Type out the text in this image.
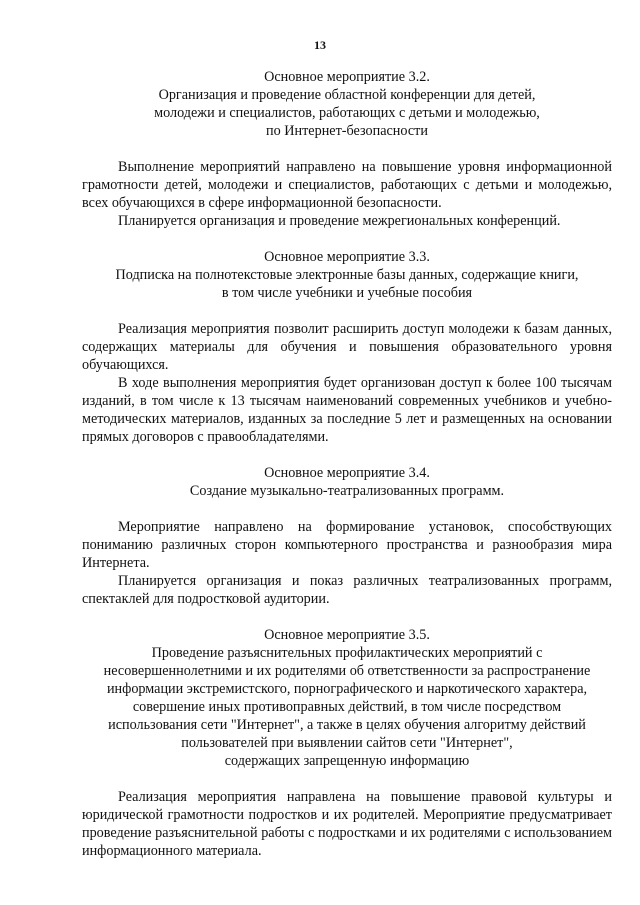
13
Основное мероприятие 3.2.
Организация и проведение областной конференции для детей,
молодежи и специалистов, работающих с детьми и молодежью,
по Интернет-безопасности

Выполнение мероприятий направлено на повышение уровня информационной грамотности детей, молодежи и специалистов, работающих с детьми и молодежью, всех обучающихся в сфере информационной безопасности.

Планируется организация и проведение межрегиональных конференций.

Основное мероприятие 3.3.
Подписка на полнотекстовые электронные базы данных, содержащие книги,
в том числе учебники и учебные пособия

Реализация мероприятия позволит расширить доступ молодежи к базам данных, содержащих материалы для обучения и повышения образовательного уровня обучающихся.

В ходе выполнения мероприятия будет организован доступ к более 100 тысячам изданий, в том числе к 13 тысячам наименований современных учебников и учебно-методических материалов, изданных за последние 5 лет и размещенных на основании прямых договоров с правообладателями.

Основное мероприятие 3.4.
Создание музыкально-театрализованных программ.

Мероприятие направлено на формирование установок, способствующих пониманию различных сторон компьютерного пространства и разнообразия мира Интернета.

Планируется организация и показ различных театрализованных программ, спектаклей для подростковой аудитории.

Основное мероприятие 3.5.
Проведение разъяснительных профилактических мероприятий с
несовершеннолетними и их родителями об ответственности за распространение
информации экстремистского, порнографического и наркотического характера,
совершение иных противоправных действий, в том числе посредством
использования сети "Интернет", а также в целях обучения алгоритму действий
пользователей при выявлении сайтов сети "Интернет",
содержащих запрещенную информацию

Реализация мероприятия направлена на повышение правовой культуры и юридической грамотности подростков и их родителей. Мероприятие предусматривает проведение разъяснительной работы с подростками и их родителями с использованием информационного материала.
